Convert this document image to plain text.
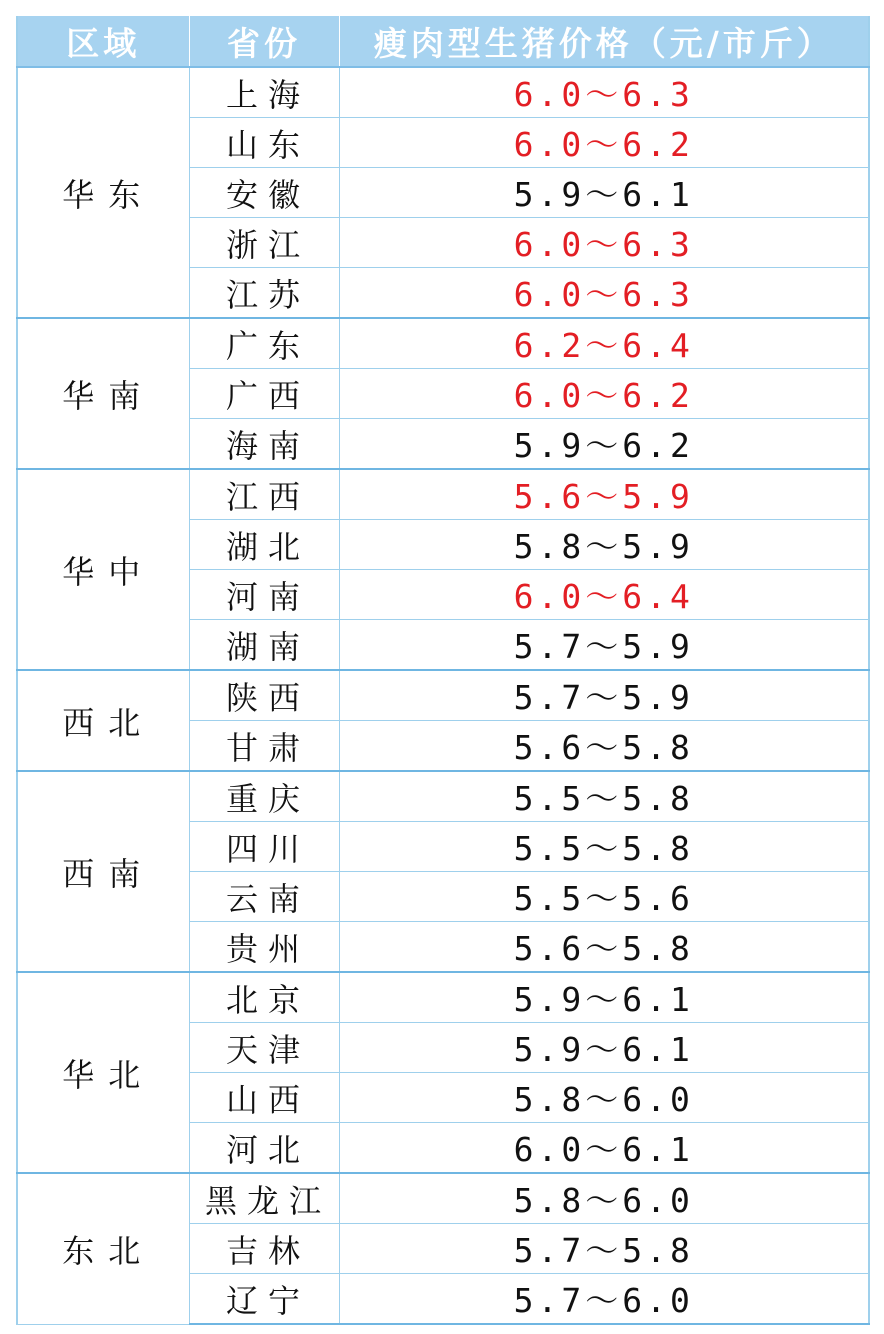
区域	省份	瘦肉型生猪价格（元/市斤）
华东	上海	6.0～6.3
	山东	6.0～6.2
	安徽	5.9～6.1
	浙江	6.0～6.3
	江苏	6.0～6.3
华南	广东	6.2～6.4
	广西	6.0～6.2
	海南	5.9～6.2
华中	江西	5.6～5.9
	湖北	5.8～5.9
	河南	6.0～6.4
	湖南	5.7～5.9
西北	陕西	5.7～5.9
	甘肃	5.6～5.8
西南	重庆	5.5～5.8
	四川	5.5～5.8
	云南	5.5～5.6
	贵州	5.6～5.8
华北	北京	5.9～6.1
	天津	5.9～6.1
	山西	5.8～6.0
	河北	6.0～6.1
东北	黑龙江	5.8～6.0
	吉林	5.7～5.8
	辽宁	5.7～6.0
